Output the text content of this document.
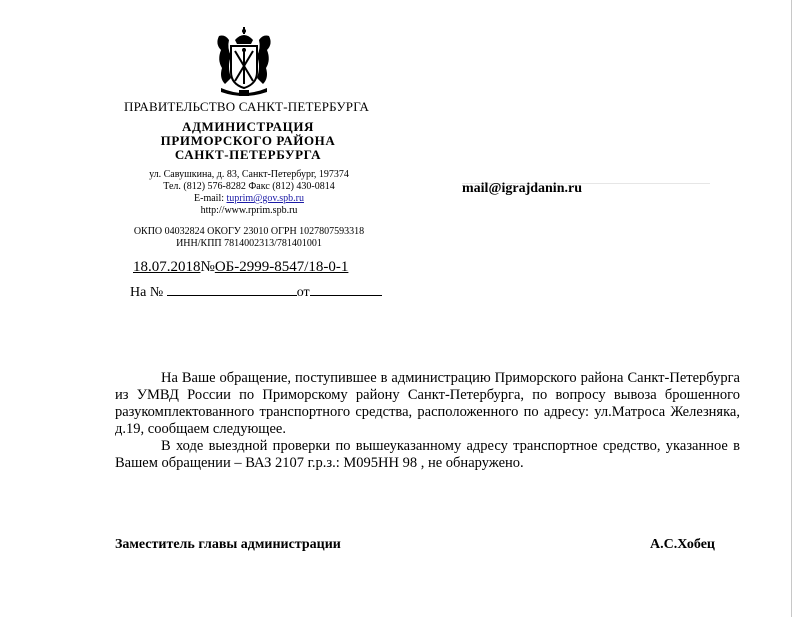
ПРАВИТЕЛЬСТВО САНКТ-ПЕТЕРБУРГА
АДМИНИСТРАЦИЯ
ПРИМОРСКОГО РАЙОНА
САНКТ-ПЕТЕРБУРГА
ул. Савушкина, д. 83, Санкт-Петербург, 197374
Тел. (812) 576-8282 Факс (812) 430-0814
E-mail: tuprim@gov.spb.ru
http://www.rprim.spb.ru
ОКПО 04032824 ОКОГУ 23010 ОГРН 1027807593318
ИНН/КПП 7814002313/781401001
18.07.2018№ОБ-2999-8547/18-0-1
На №	от
mail@igrajdanin.ru

На Ваше обращение, поступившее в администрацию Приморского района Санкт-Петербурга из УМВД России по Приморскому району Санкт-Петербурга, по вопросу вывоза брошенного разукомплектованного транспортного средства, расположенного по адресу: ул.Матроса Железняка, д.19, сообщаем следующее.

В ходе выездной проверки по вышеуказанному адресу транспортное средство, указанное в Вашем обращении – ВАЗ 2107 г.р.з.: М095НН 98 , не обнаружено.

Заместитель главы администрации	А.С.Хобец
